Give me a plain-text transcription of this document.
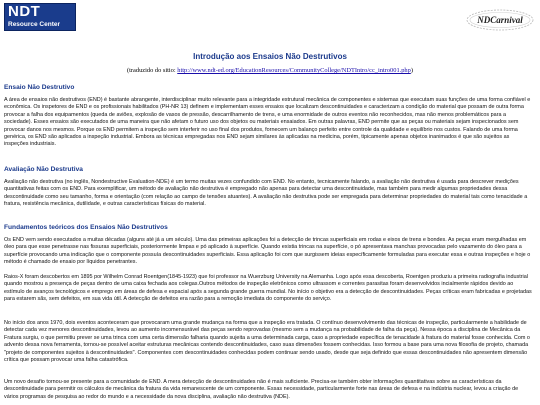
NDT
Resource Center	NDCarnival
Introdução aos Ensaios Não Destrutivos
(traduzido do sitio: http://www.ndt-ed.org/EducationResources/CommunityCollege/NDTIntro/cc_intro001.php)
Ensaio Não Destrutivo

A área de ensaios não destrutivos (END) é bastante abrangente, interdisciplinar muito relevante para a integridade estrutural mecânica de componentes e sistemas que executam suas funções de uma forma confiável e econômica. Os inspetores de END e os profissionais habilitados (PH-NR 13) definem e implementam esses ensaios que localizam descontinuidades e caracterizam a condição do material que possam de outra forma provocar a falha dos equipamentos (queda de aviões, explosão de vasos de pressão, descarrilhamento de trens, e uma enormidade de outros eventos não reconhecidos, mas não menos problemáticos para a sociedade). Esses ensaios são executados de uma maneira que não afetam o futuro uso dos objetos ou materiais ensaiados. Em outras palavras, END permite que as peças ou materiais sejam inspecionados sem provocar danos nos mesmos. Porque os END permitem a inspeção sem interferir no uso final dos produtos, fornecem um balanço perfeito entre controle da qualidade e equilíbrio nos custos. Falando de uma forma genérica, os END são aplicados a inspeção industrial. Embora as técnicas empregadas nos END sejam similares às aplicadas na medicina, porém, tipicamente apenas objetos inanimados é que são sujeitos as inspeções industriais.

Avaliação Não Destrutiva

Avaliação não destrutiva (no inglês, Nondestructive Evaluation-NDE) é um termo muitas vezes confundido com END. No entanto, tecnicamente falando, a avaliação não destrutiva é usada para descrever medições quantitativas feitas com os END. Para exemplificar, um método de avaliação não destrutiva é empregado não apenas para detectar uma descontinuidade, mas também para medir algumas propriedades dessa descontinuidade como seu tamanho, forma e orientação (com relação ao campo de tensões atuantes). A avaliação não destrutiva pode ser empregada para determinar propriedades do material tais como tenacidade a fratura, resistência mecânica, dutilidade, e outras características físicas do material.

Fundamentos teóricos dos Ensaios Não Destrutivos

Os END vem sendo executados a muitas décadas (alguns até já a um século). Uma das primeiras aplicações foi a detecção de trincas superficiais em rodas e eixos de trens e bondes. As peças eram mergulhadas em óleo para que esse penetrasse nas fissuras superficiais, posteriormente limpas e pó aplicado à superfície. Quando existia trincas na superfície, o pó apresentava manchas provocadas pelo vazamento do óleo para a superfície provocando uma indicação que o componente possuía descontinuidades superficiais. Essa aplicação foi com que surgissem ideias específicamente formuladas para executar essa e outras inspeções e hoje o método é chamado de ensaio por líquidos penetrantes.

Raios-X foram descobertos em 1895 por Wilhelm Conrad Roentgen(1845-1923) que foi professor na Wuerzburg University na Alemanha. Logo após essa descoberta, Roentgen produziu a primeira radiografia industrial quando mostrou a presença de peças dentro de uma caixa fechada aos colegas.Outros métodos de inspeção eletrônicos como ultrassom e correntes parasitas foram desenvolvidos incialmente rápidos devido ao estímulo de avanços tecnológicos e emprego em áreas de defesa e espacial após a segunda grande guerra mundial. No início o objetivo era a detecção de descontinuidades. Peças críticas eram fabricadas e projetadas para estarem sãs, sem defeitos, em sua vida útil. A detecção de defeitos era razão para a remoção imediata do componente do serviço.

No início dos anos 1970, dois eventos aconteceram que provocaram uma grande mudança na forma que a inspeção era tratada. O contínuo desenvolvimento das técnicas de inspeção, particularmente a habilidade de detectar cada vez menores descontinuidades, levou ao aumento incomensurável das peças sendo reprovadas (mesmo sem a mudança na probabilidade de falha da peça). Nessa época a disciplina de Mecânica da Fratura surgiu, o que permitiu prever se uma trinca com uma certa dimensão falharia quando sujeita a uma determinada carga, caso a propriedade específica de tenacidade à fratura do material fosse conhecida. Com o advento dessa nova ferramenta, tornou-se possível aceitar estruturas mecânicas contendo descontinuidades, caso suas dimensões fossem conhecidas. Isso formou a base para uma nova filosofia de projeto, chamada "projeto de componentes sujeitos à descontinuidades". Componentes com descontinuidades conhecidas podem continuar sendo usado, desde que seja definido que essas descontinuidades não apresentem dimensão crítica que possam provocar uma falha catastrófica.

Um novo desafio tornou-se presente para a comunidade de END. A mera detecção de descontinuidades não é mais suficiente. Precisa-se também obter informações quantitativas sobre as características da descontinuidade para permitir os cálculos de mecânica da fratura da vida remanescente de um componente. Essas necessidade, particularmente forte nas áreas de defesa e na indústria nuclear, levou a criação de vários programas de pesquisa ao redor do mundo e a necessidade da nova disciplina, avaliação não destrutiva (NDE).
